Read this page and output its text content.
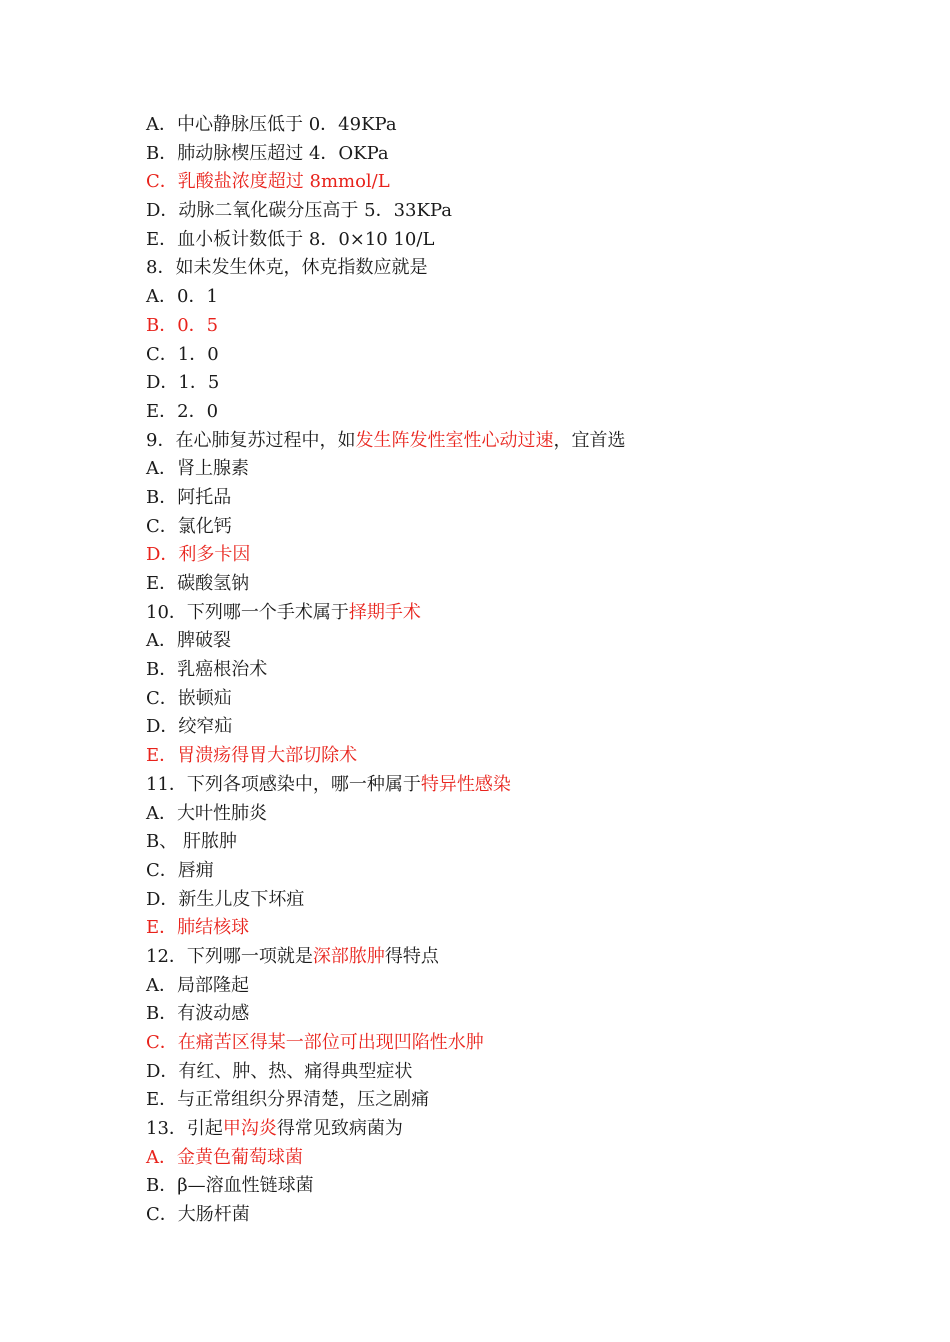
A．中心静脉压低于 0．49KPa
B．肺动脉楔压超过 4．OKPa
C．乳酸盐浓度超过 8mmol/L
D．动脉二氧化碳分压高于 5．33KPa
E．血小板计数低于 8．0×10 10/L
8．如未发生休克，休克指数应就是
A．0．1
B．0．5
C．1．0
D．1．5
E．2．0
9．在心肺复苏过程中，如发生阵发性室性心动过速，宜首选
A．肾上腺素
B．阿托品
C．氯化钙
D．利多卡因
E．碳酸氢钠
10．下列哪一个手术属于择期手术
A．脾破裂
B．乳癌根治术
C．嵌顿疝
D．绞窄疝
E．胃溃疡得胃大部切除术
11．下列各项感染中，哪一种属于特异性感染
A．大叶性肺炎
B、 肝脓肿
C．唇痈
D．新生儿皮下坏疽
E．肺结核球
12．下列哪一项就是深部脓肿得特点
A．局部隆起
B．有波动感
C．在痛苦区得某一部位可出现凹陷性水肿
D．有红、肿、热、痛得典型症状
E．与正常组织分界清楚，压之剧痛
13．引起甲沟炎得常见致病菌为
A．金黄色葡萄球菌
B．β—溶血性链球菌
C．大肠杆菌
